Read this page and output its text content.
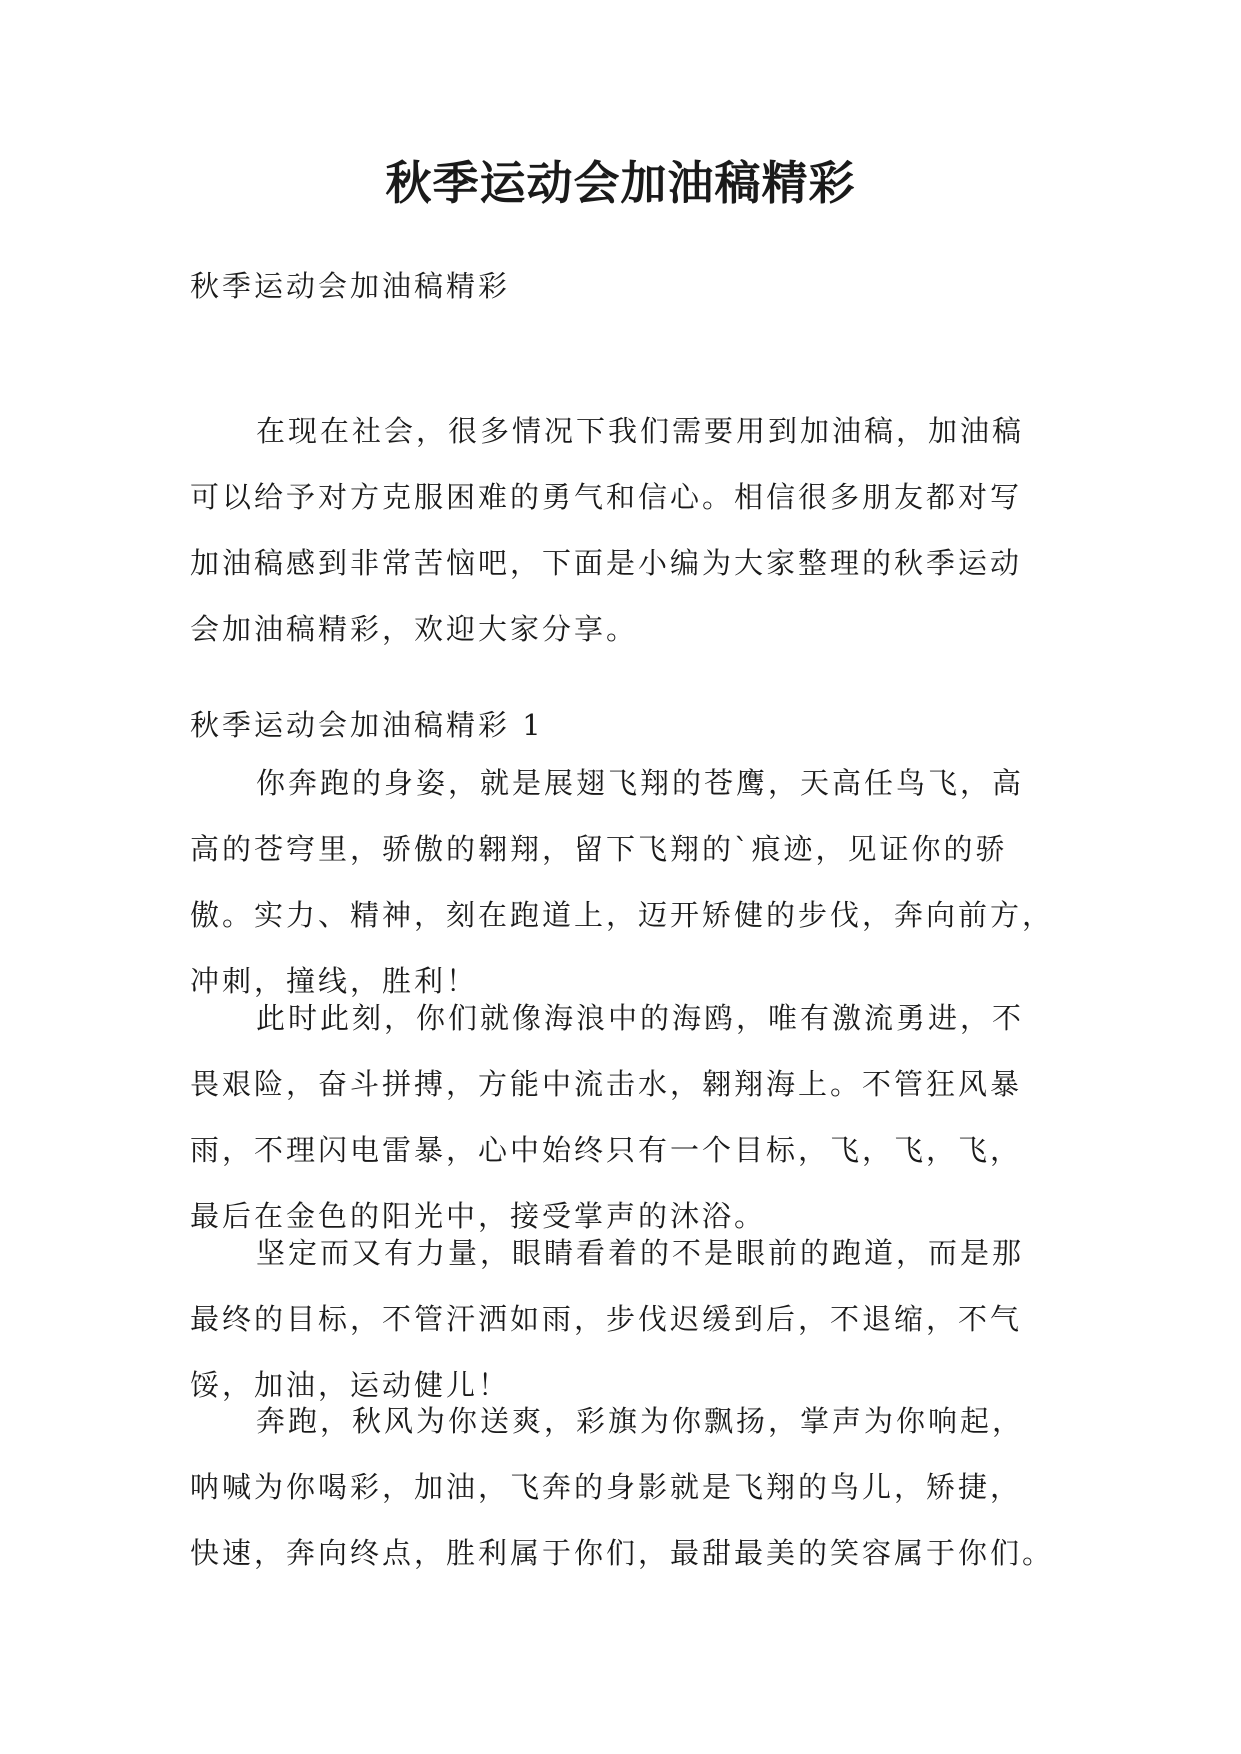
秋季运动会加油稿精彩

秋季运动会加油稿精彩

在现在社会，很多情况下我们需要用到加油稿，加油稿
可以给予对方克服困难的勇气和信心。相信很多朋友都对写
加油稿感到非常苦恼吧，下面是小编为大家整理的秋季运动
会加油稿精彩，欢迎大家分享。

秋季运动会加油稿精彩 1

你奔跑的身姿，就是展翅飞翔的苍鹰，天高任鸟飞，高
高的苍穹里，骄傲的翱翔，留下飞翔的`痕迹，见证你的骄
傲。实力、精神，刻在跑道上，迈开矫健的步伐，奔向前方，
冲刺，撞线，胜利！

此时此刻，你们就像海浪中的海鸥，唯有激流勇进，不
畏艰险，奋斗拼搏，方能中流击水，翱翔海上。不管狂风暴
雨，不理闪电雷暴，心中始终只有一个目标，飞，飞，飞，
最后在金色的阳光中，接受掌声的沐浴。

坚定而又有力量，眼睛看着的不是眼前的跑道，而是那
最终的目标，不管汗洒如雨，步伐迟缓到后，不退缩，不气
馁，加油，运动健儿！

奔跑，秋风为你送爽，彩旗为你飘扬，掌声为你响起，
呐喊为你喝彩，加油，飞奔的身影就是飞翔的鸟儿，矫捷，
快速，奔向终点，胜利属于你们，最甜最美的笑容属于你们。
